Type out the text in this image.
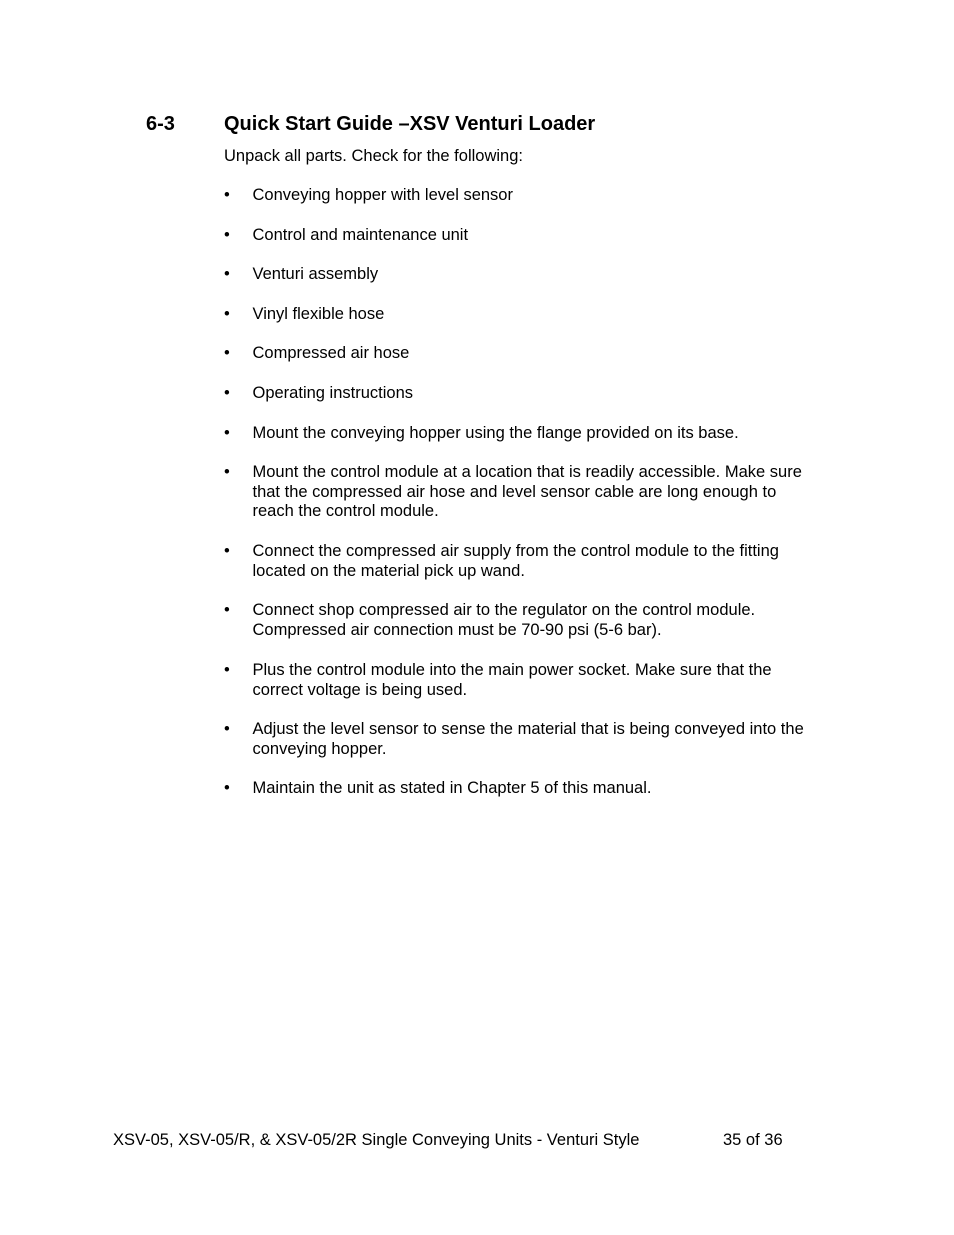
6-3 Quick Start Guide –XSV Venturi Loader
Unpack all parts. Check for the following:
•	Conveying hopper with level sensor
•	Control and maintenance unit
•	Venturi assembly
•	Vinyl flexible hose
•	Compressed air hose
•	Operating instructions
•	Mount the conveying hopper using the flange provided on its base.
•	Mount the control module at a location that is readily accessible. Make sure
that the compressed air hose and level sensor cable are long enough to
reach the control module.
•	Connect the compressed air supply from the control module to the fitting
located on the material pick up wand.
•	Connect shop compressed air to the regulator on the control module.
Compressed air connection must be 70-90 psi (5-6 bar).
•	Plus the control module into the main power socket. Make sure that the
correct voltage is being used.
•	Adjust the level sensor to sense the material that is being conveyed into the
conveying hopper.
•	Maintain the unit as stated in Chapter 5 of this manual.
XSV-05, XSV-05/R, & XSV-05/2R Single Conveying Units - Venturi Style	35 of 36
